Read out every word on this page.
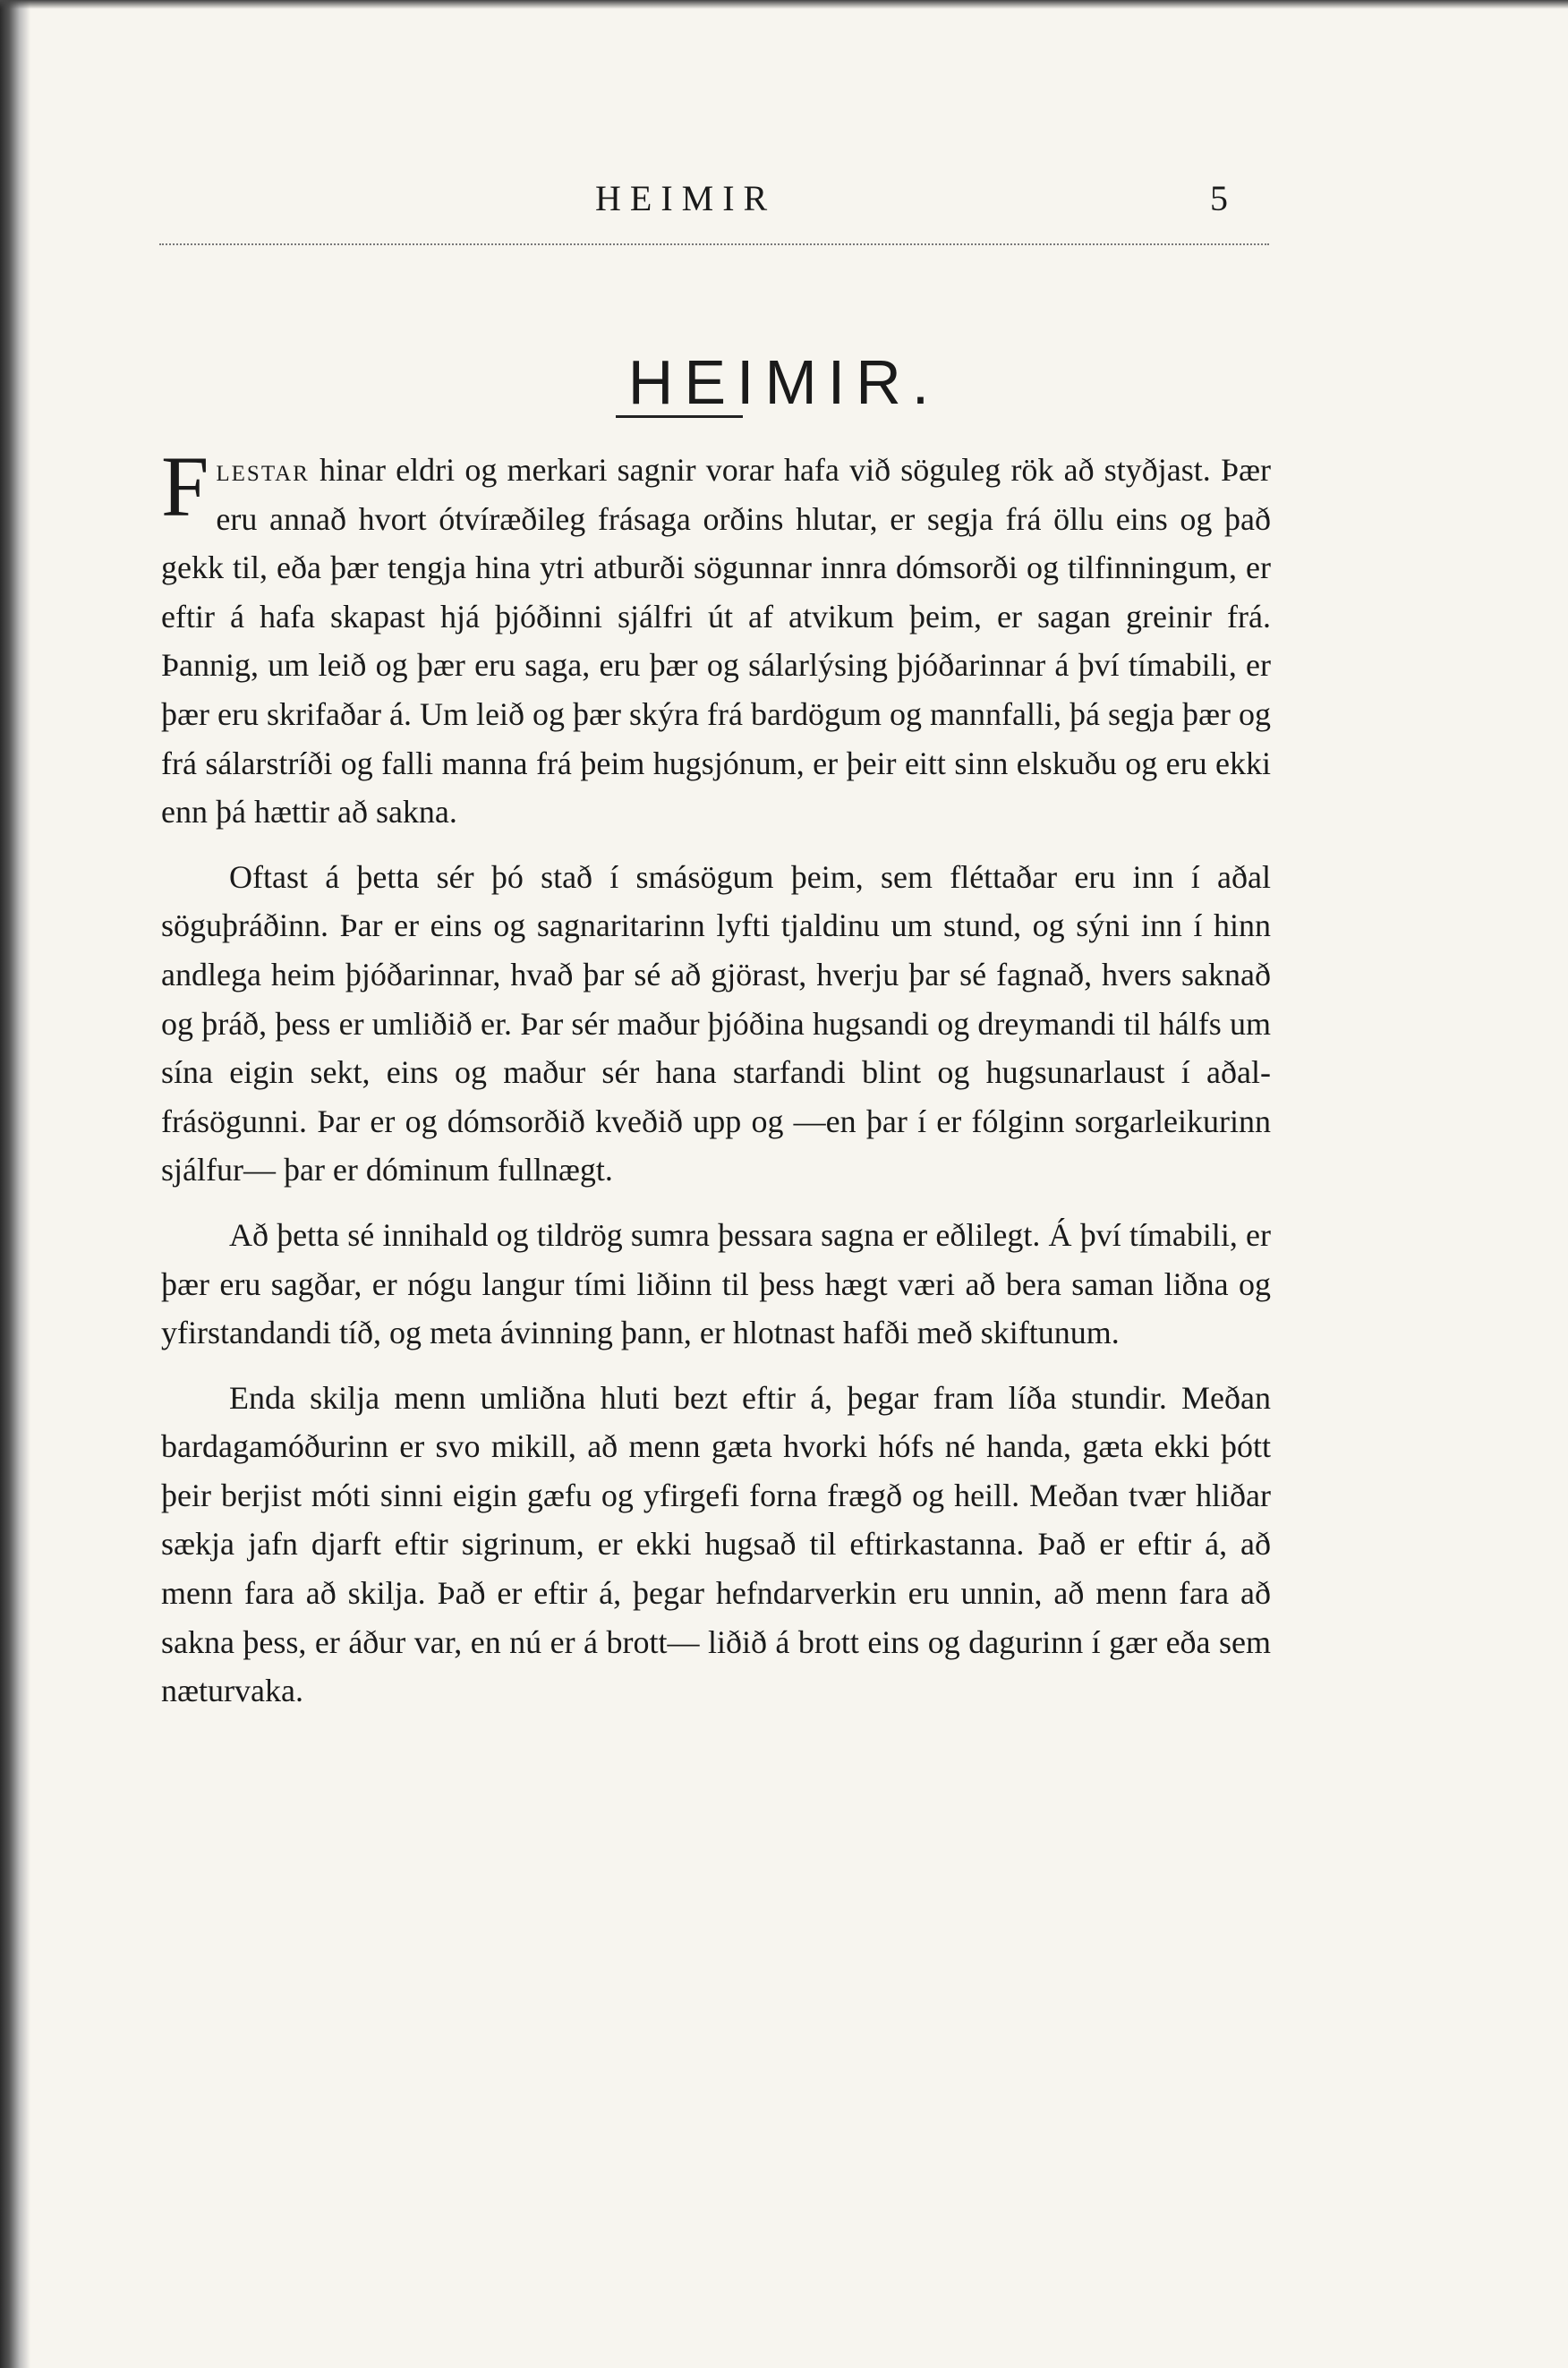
HEIMIR	5
HEIMIR.

Flestar hinar eldri og merkari sagnir vorar hafa við söguleg rök að styðjast. Þær eru annað hvort ótvíræðileg frásaga orðins hlutar, er segja frá öllu eins og það gekk til, eða þær tengja hina ytri atburði sögunnar innra dómsorði og tilfinningum, er eftir á hafa skapast hjá þjóðinni sjálfri út af atvikum þeim, er sagan greinir frá. Þannig, um leið og þær eru saga, eru þær og sálarlýsing þjóðarinnar á því tímabili, er þær eru skrifaðar á. Um leið og þær skýra frá bardögum og mannfalli, þá segja þær og frá sálarstríði og falli manna frá þeim hugsjónum, er þeir eitt sinn elskuðu og eru ekki enn þá hættir að sakna.

Oftast á þetta sér þó stað í smásögum þeim, sem fléttaðar eru inn í aðal söguþráðinn. Þar er eins og sagnaritarinn lyfti tjaldinu um stund, og sýni inn í hinn andlega heim þjóðarinnar, hvað þar sé að gjörast, hverju þar sé fagnað, hvers saknað og þráð, þess er umliðið er. Þar sér maður þjóðina hugsandi og dreymandi til hálfs um sína eigin sekt, eins og maður sér hana starfandi blint og hugsunarlaust í aðal-frásögunni. Þar er og dómsorðið kveðið upp og —en þar í er fólginn sorgarleikurinn sjálfur— þar er dóminum fullnægt.

Að þetta sé innihald og tildrög sumra þessara sagna er eðlilegt. Á því tímabili, er þær eru sagðar, er nógu langur tími liðinn til þess hægt væri að bera saman liðna og yfirstandandi tíð, og meta ávinning þann, er hlotnast hafði með skiftunum.

Enda skilja menn umliðna hluti bezt eftir á, þegar fram líða stundir. Meðan bardagamóðurinn er svo mikill, að menn gæta hvorki hófs né handa, gæta ekki þótt þeir berjist móti sinni eigin gæfu og yfirgefi forna frægð og heill. Meðan tvær hliðar sækja jafn djarft eftir sigrinum, er ekki hugsað til eftirkastanna. Það er eftir á, að menn fara að skilja. Það er eftir á, þegar hefndarverkin eru unnin, að menn fara að sakna þess, er áður var, en nú er á brott— liðið á brott eins og dagurinn í gær eða sem næturvaka.
